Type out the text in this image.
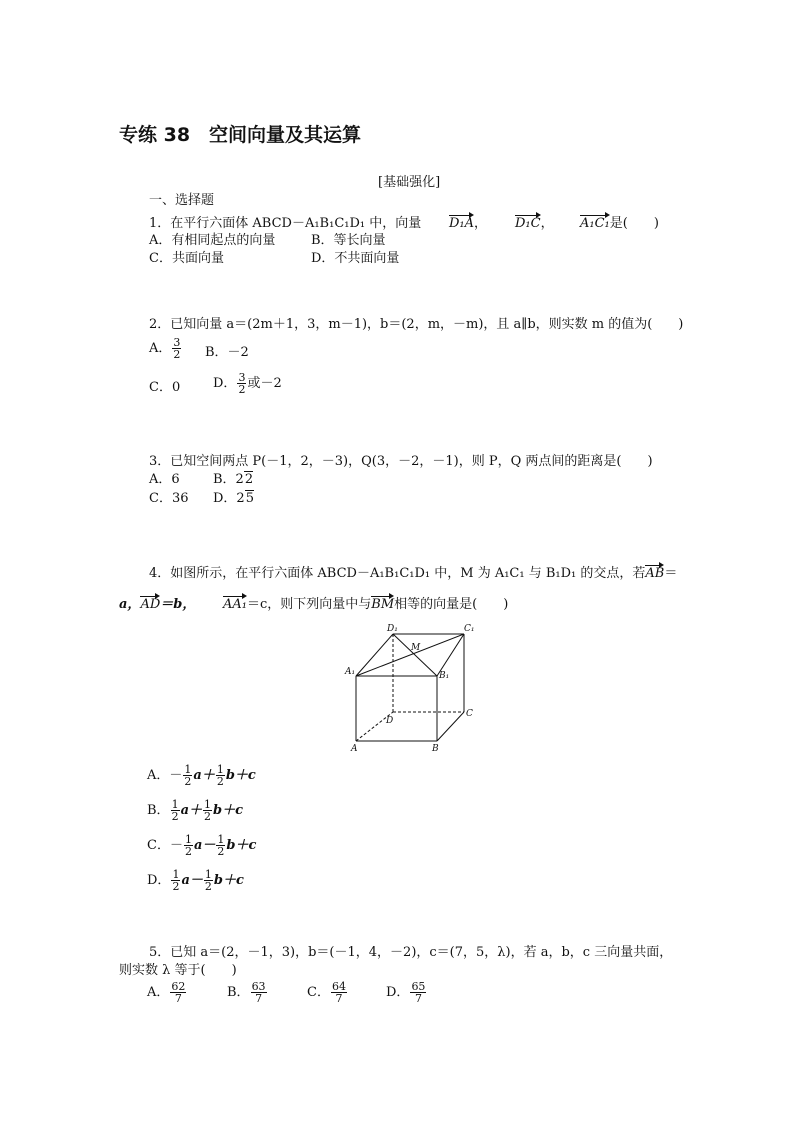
专练 38　空间向量及其运算
[基础强化]
一、选择题
1．在平行六面体 ABCD－A₁B₁C₁D₁ 中，向量 D₁A， D₁C， A₁C₁是(　　)
A．有相同起点的向量	B．等长向量
C．共面向量	D．不共面向量
2．已知向量 a＝(2m＋1，3，m－1)，b＝(2，m，－m)，且 a∥b，则实数 m 的值为(　　)
A． $\frac{3}{2}$ B．－2
C．0	D． $\frac{3}{2}$ 或－2
3．已知空间两点 P(－1，2，－3)，Q(3，－2，－1)，则 P，Q 两点间的距离是(　　)
A．6	B．22
C．36 D．25
4．如图所示，在平行六面体 ABCD－A₁B₁C₁D₁ 中，M 为 A₁C₁ 与 B₁D₁ 的交点，若AB＝
a，AD＝b， AA₁＝c，则下列向量中与BM相等的向量是(　　)
D₁	C₁
M
A₁	B₁
D
C
A	B
A．－ $\frac{1}{2} a+ \frac{1}{2} b+c$
B． $\frac{1}{2} a+ \frac{1}{2} b+c$
C．－ $\frac{1}{2} a- \frac{1}{2} b+c$
D． $\frac{1}{2} a- \frac{1}{2} b+c$
5．已知 a＝(2，－1，3)，b＝(－1，4，－2)，c＝(7，5，λ)，若 a，b，c 三向量共面，
则实数 λ 等于(　　)
A． $\frac{62}{7}$	B． $\frac{63}{7}$	C． $\frac{64}{7}$	D． $\frac{65}{7}$
